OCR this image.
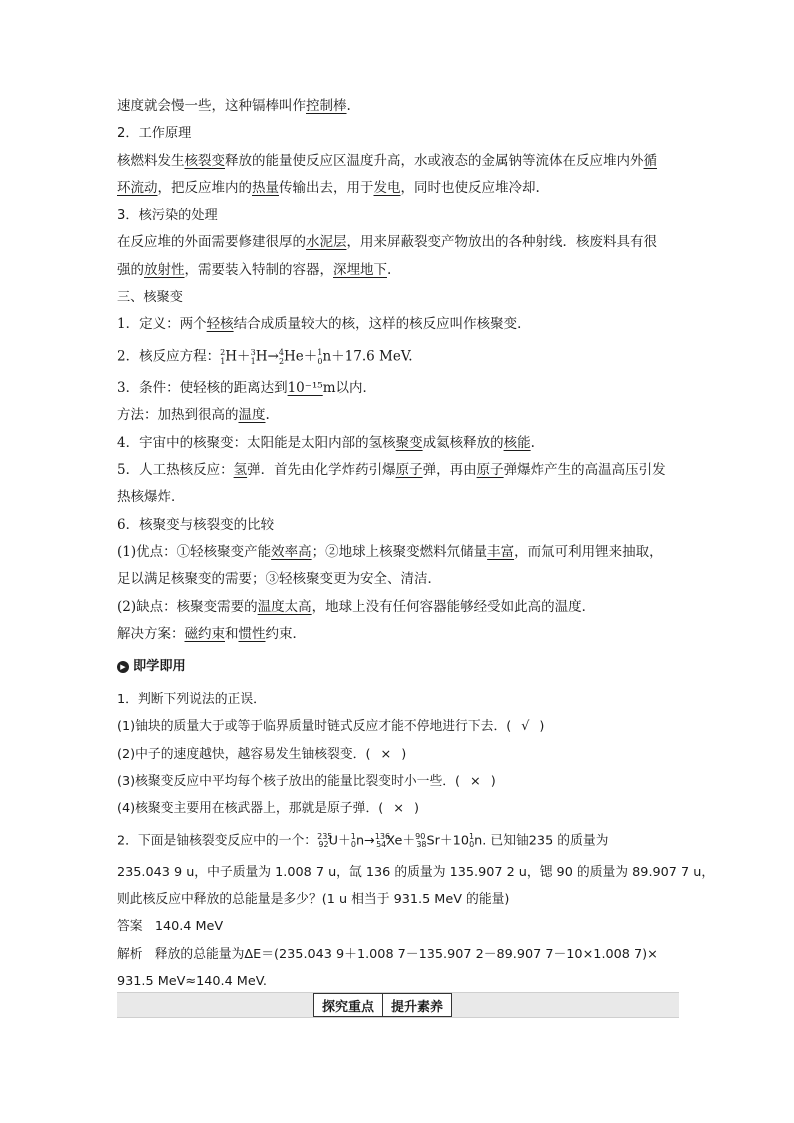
速度就会慢一些，这种镉棒叫作控制棒.
2．工作原理
核燃料发生核裂变释放的能量使反应区温度升高，水或液态的金属钠等流体在反应堆内外循
环流动，把反应堆内的热量传输出去，用于发电，同时也使反应堆冷却.
3．核污染的处理
在反应堆的外面需要修建很厚的水泥层，用来屏蔽裂变产物放出的各种射线．核废料具有很
强的放射性，需要装入特制的容器，深埋地下.
三、核聚变
1．定义：两个轻核结合成质量较大的核，这样的核反应叫作核聚变．
2．核反应方程：$^2_1$H＋$^3_1$H→$^4_2$He＋$^1_0$n＋17.6 MeV.
3．条件：使轻核的距离达到10⁻¹⁵m以内．
方法：加热到很高的温度.
4．宇宙中的核聚变：太阳能是太阳内部的氢核聚变成氦核释放的核能.
5．人工热核反应：氢弹．首先由化学炸药引爆原子弹，再由原子弹爆炸产生的高温高压引发
热核爆炸．
6．核聚变与核裂变的比较
(1)优点：①轻核聚变产能效率高；②地球上核聚变燃料氘储量丰富，而氚可利用锂来抽取，
足以满足核聚变的需要；③轻核聚变更为安全、清洁．
(2)缺点：核聚变需要的温度太高，地球上没有任何容器能够经受如此高的温度．
解决方案：磁约束和惯性约束．
▶ 即学即用
1．判断下列说法的正误．
(1)铀块的质量大于或等于临界质量时链式反应才能不停地进行下去．( √ )
(2)中子的速度越快，越容易发生铀核裂变．( × )
(3)核聚变反应中平均每个核子放出的能量比裂变时小一些．( × )
(4)核聚变主要用在核武器上，那就是原子弹．( × )
2．下面是铀核裂变反应中的一个：$^{235}_{92}U+^1_0n\to^{136}_{54}Xe+^{90}_{38}Sr+10^1_0n$. 已知铀235 的质量为
235.043 9 u，中子质量为 1.008 7 u，氙 136 的质量为 135.907 2 u，锶 90 的质量为 89.907 7 u，
则此核反应中释放的总能量是多少？(1 u 相当于 931.5 MeV 的能量)
答案 140.4 MeV
解析 释放的总能量为ΔE＝(235.043 9＋1.008 7－135.907 2－89.907 7－10×1.008 7)×
931.5 MeV≈140.4 MeV.
探究重点	提升素养
